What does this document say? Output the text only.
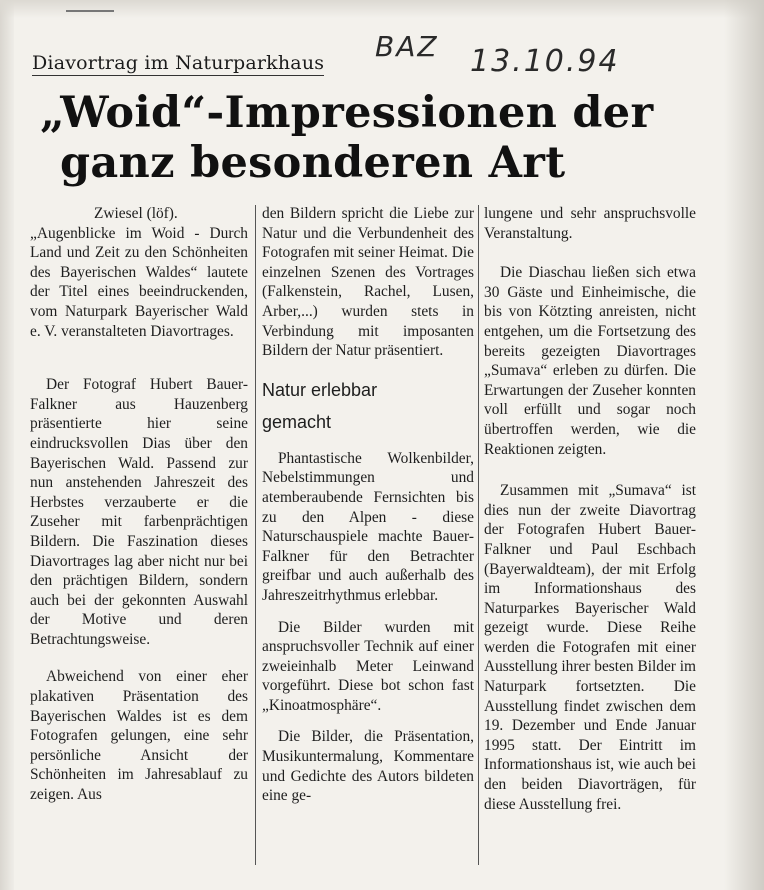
Diavortrag im Naturparkhaus BAZ 13.10.94
„Woid“-Impressionen der
ganz besonderen Art

Zwiesel (löf).

„Augenblicke im Woid - Durch Land und Zeit zu den Schönheiten des Bayerischen Waldes“ lautete der Titel eines beeindruckenden, vom Naturpark Bayerischer Wald e. V. veranstalteten Diavortrages.

Der Fotograf Hubert Bauer-Falkner aus Hauzenberg präsentierte hier seine eindrucksvollen Dias über den Bayerischen Wald. Passend zur nun anstehenden Jahreszeit des Herbstes verzauberte er die Zuseher mit farbenprächtigen Bildern. Die Faszination dieses Diavortrages lag aber nicht nur bei den prächtigen Bildern, sondern auch bei der gekonnten Auswahl der Motive und deren Betrachtungsweise.

Abweichend von einer eher plakativen Präsentation des Bayerischen Waldes ist es dem Fotografen gelungen, eine sehr persönliche Ansicht der Schönheiten im Jahresablauf zu zeigen. Aus

den Bildern spricht die Liebe zur Natur und die Verbundenheit des Fotografen mit seiner Heimat. Die einzelnen Szenen des Vortrages (Falkenstein, Rachel, Lusen, Arber,...) wurden stets in Verbindung mit imposanten Bildern der Natur präsentiert.

Natur erlebbar
gemacht

Phantastische Wolkenbilder, Nebelstimmungen und atemberaubende Fernsichten bis zu den Alpen - diese Naturschauspiele machte Bauer-Falkner für den Betrachter greifbar und auch außerhalb des Jahreszeitrhythmus erlebbar.

Die Bilder wurden mit anspruchsvoller Technik auf einer zweieinhalb Meter Leinwand vorgeführt. Diese bot schon fast „Kinoatmosphäre“.

Die Bilder, die Präsentation, Musikuntermalung, Kommentare und Gedichte des Autors bildeten eine ge-

lungene und sehr anspruchsvolle Veranstaltung.

Die Diaschau ließen sich etwa 30 Gäste und Einheimische, die bis von Kötzting anreisten, nicht entgehen, um die Fortsetzung des bereits gezeigten Diavortrages „Sumava“ erleben zu dürfen. Die Erwartungen der Zuseher konnten voll erfüllt und sogar noch übertroffen werden, wie die Reaktionen zeigten.

Zusammen mit „Sumava“ ist dies nun der zweite Diavortrag der Fotografen Hubert Bauer-Falkner und Paul Eschbach (Bayerwaldteam), der mit Erfolg im Informationshaus des Naturparkes Bayerischer Wald gezeigt wurde. Diese Reihe werden die Fotografen mit einer Ausstellung ihrer besten Bilder im Naturpark fortsetzten. Die Ausstellung findet zwischen dem 19. Dezember und Ende Januar 1995 statt. Der Eintritt im Informationshaus ist, wie auch bei den beiden Diavorträgen, für diese Ausstellung frei.
